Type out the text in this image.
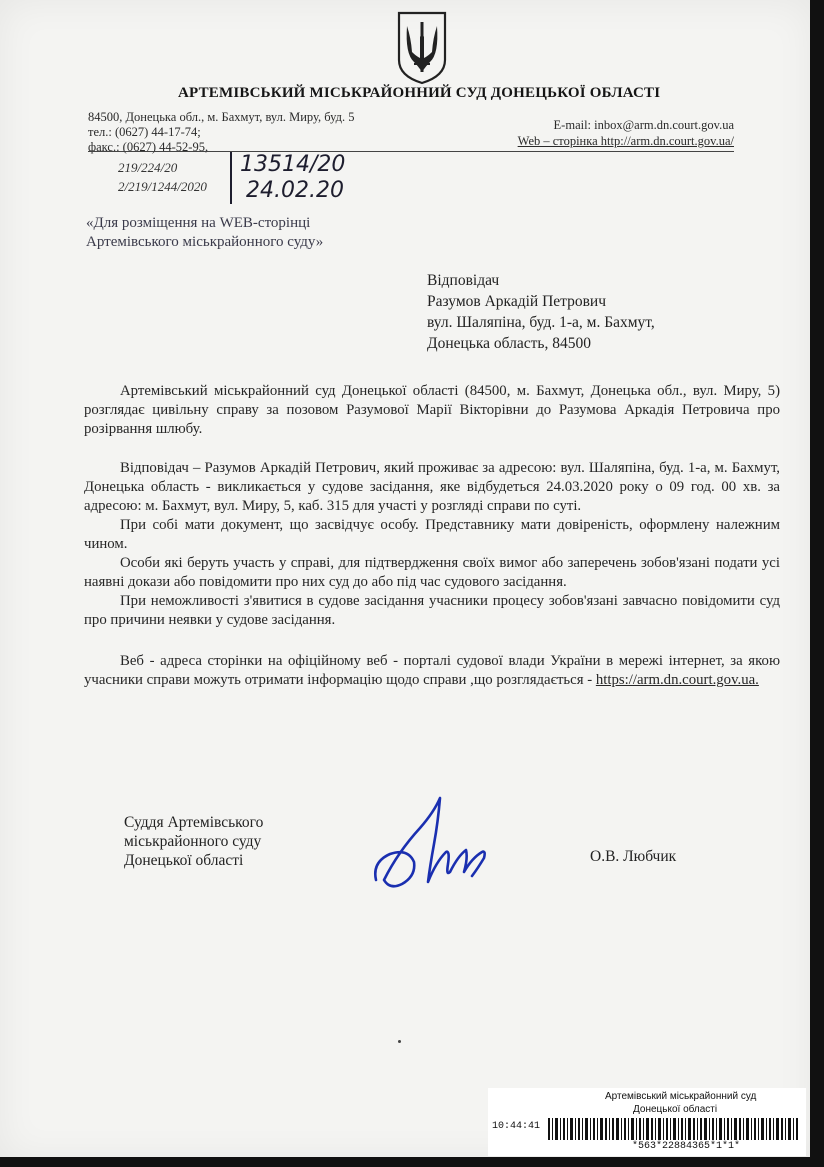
АРТЕМІВСЬКИЙ МІСЬКРАЙОННИЙ СУД ДОНЕЦЬКОЇ ОБЛАСТІ
84500, Донецька обл., м. Бахмут, вул. Миру, буд. 5
тел.: (0627) 44-17-74;
факс.: (0627) 44-52-95,
E-mail: inbox@arm.dn.court.gov.ua
Web – сторінка http://arm.dn.court.gov.ua/
219/224/20
2/219/1244/2020
13514/20
24.02.20
«Для розміщення на WEB-сторінці
Артемівського міськрайонного суду»
Відповідач
Разумов Аркадій Петрович
вул. Шаляпіна, буд. 1-а, м. Бахмут,
Донецька область, 84500

Артемівський міськрайонний суд Донецької області (84500, м. Бахмут, Донецька обл., вул. Миру, 5) розглядає цивільну справу за позовом Разумової Марії Вікторівни до Разумова Аркадія Петровича про розірвання шлюбу.

Відповідач – Разумов Аркадій Петрович, який проживає за адресою: вул. Шаляпіна, буд. 1-а, м. Бахмут, Донецька область - викликається у судове засідання, яке відбудеться 24.03.2020 року о 09 год. 00 хв. за адресою: м. Бахмут, вул. Миру, 5, каб. 315 для участі у розгляді справи по суті.

При собі мати документ, що засвідчує особу. Представнику мати довіреність, оформлену належним чином.

Особи які беруть участь у справі, для підтвердження своїх вимог або заперечень зобов'язані подати усі наявні докази або повідомити про них суд до або під час судового засідання.

При неможливості з'явитися в судове засідання учасники процесу зобов'язані завчасно повідомити суд про причини неявки у судове засідання.

Веб - адреса сторінки на офіційному веб - порталі судової влади України в мережі інтернет, за якою учасники справи можуть отримати інформацію щодо справи ,що розглядається - https://arm.dn.court.gov.ua.

Суддя Артемівського
міськрайонного суду
Донецької області	О.В. Любчик
Артемівський міськрайонний суд
Донецької області
10:44:41
*563*22884365*1*1*
